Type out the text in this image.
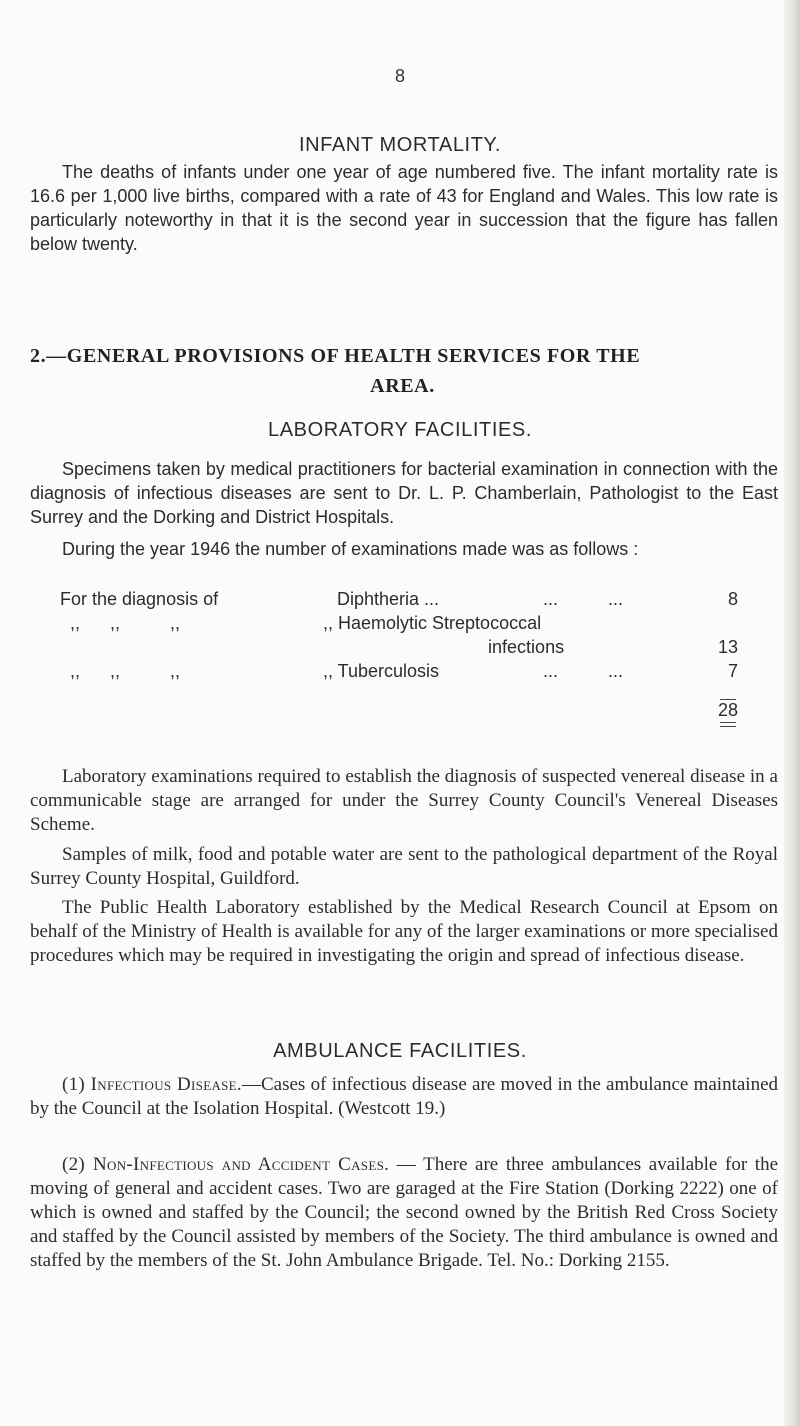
8
INFANT MORTALITY.

The deaths of infants under one year of age numbered five. The infant mortality rate is 16.6 per 1,000 live births, compared with a rate of 43 for England and Wales. This low rate is particularly noteworthy in that it is the second year in succession that the figure has fallen below twenty.

2.—GENERAL PROVISIONS OF HEALTH SERVICES FOR THE
AREA.
LABORATORY FACILITIES.

Specimens taken by medical practitioners for bacterial examination in connection with the diagnosis of infectious diseases are sent to Dr. L. P. Chamberlain, Pathologist to the East Surrey and the Dorking and District Hospitals.

During the year 1946 the number of examinations made was as follows :

For the diagnosis of	Diphtheria ...	...          ...	8
,,      ,,          ,,	,, Haemolytic Streptococcal
infections	13
,,      ,,          ,,	,, Tuberculosis	...          ...	7
28

Laboratory examinations required to establish the diagnosis of suspected venereal disease in a communicable stage are arranged for under the Surrey County Council's Venereal Diseases Scheme.

Samples of milk, food and potable water are sent to the pathological department of the Royal Surrey County Hospital, Guildford.

The Public Health Laboratory established by the Medical Research Council at Epsom on behalf of the Ministry of Health is available for any of the larger examinations or more specialised procedures which may be required in investigating the origin and spread of infectious disease.

AMBULANCE FACILITIES.

(1) Infectious Disease.—Cases of infectious disease are moved in the ambulance maintained by the Council at the Isolation Hospital. (Westcott 19.)

(2) Non-Infectious and Accident Cases. — There are three ambulances available for the moving of general and accident cases. Two are garaged at the Fire Station (Dorking 2222) one of which is owned and staffed by the Council; the second owned by the British Red Cross Society and staffed by the Council assisted by members of the Society. The third ambulance is owned and staffed by the members of the St. John Ambulance Brigade. Tel. No.: Dorking 2155.
